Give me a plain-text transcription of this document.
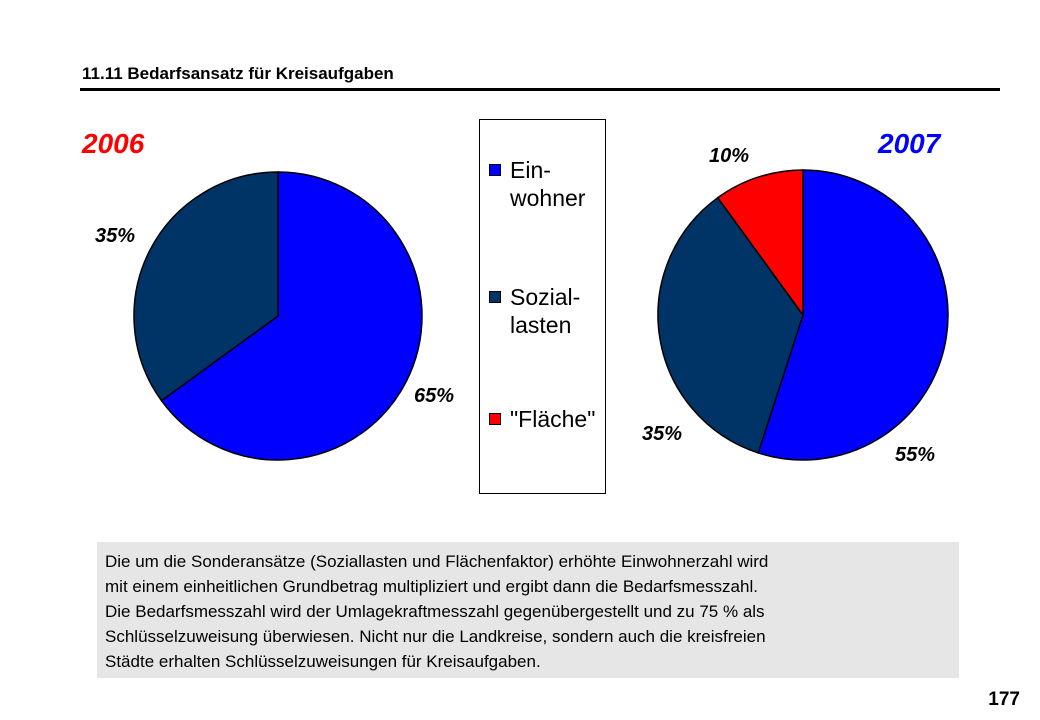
11.11 Bedarfsansatz für Kreisaufgaben
2006
65%
35%
Ein-
wohner
Sozial-
lasten
"Fläche"
2007
55%
35%
10%
Die um die Sonderansätze (Soziallasten und Flächenfaktor) erhöhte Einwohnerzahl wird
mit einem einheitlichen Grundbetrag multipliziert und ergibt dann die Bedarfsmesszahl.
Die Bedarfsmesszahl wird der Umlagekraftmesszahl gegenübergestellt und zu 75 % als
Schlüsselzuweisung überwiesen. Nicht nur die Landkreise, sondern auch die kreisfreien
Städte erhalten Schlüsselzuweisungen für Kreisaufgaben.
177
